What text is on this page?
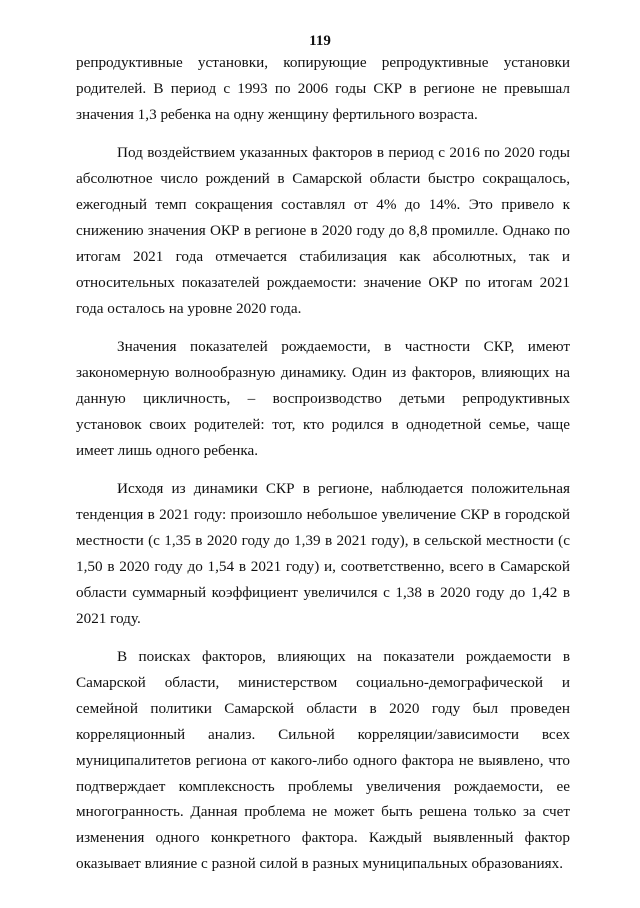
119

репродуктивные установки, копирующие репродуктивные установки родителей. В период с 1993 по 2006 годы СКР в регионе не превышал значения 1,3 ребенка на одну женщину фертильного возраста.

Под воздействием указанных факторов в период с 2016 по 2020 годы абсолютное число рождений в Самарской области быстро сокращалось, ежегодный темп сокращения составлял от 4% до 14%. Это привело к снижению значения ОКР в регионе в 2020 году до 8,8 промилле. Однако по итогам 2021 года отмечается стабилизация как абсолютных, так и относительных показателей рождаемости: значение ОКР по итогам 2021 года осталось на уровне 2020 года.

Значения показателей рождаемости, в частности СКР, имеют закономерную волнообразную динамику. Один из факторов, влияющих на данную цикличность, – воспроизводство детьми репродуктивных установок своих родителей: тот, кто родился в однодетной семье, чаще имеет лишь одного ребенка.

Исходя из динамики СКР в регионе, наблюдается положительная тенденция в 2021 году: произошло небольшое увеличение СКР в городской местности (с 1,35 в 2020 году до 1,39 в 2021 году), в сельской местности (с 1,50 в 2020 году до 1,54 в 2021 году) и, соответственно, всего в Самарской области суммарный коэффициент увеличился с 1,38 в 2020 году до 1,42 в 2021 году.

В поисках факторов, влияющих на показатели рождаемости в Самарской области, министерством социально-демографической и семейной политики Самарской области в 2020 году был проведен корреляционный анализ. Сильной корреляции/зависимости всех муниципалитетов региона от какого-либо одного фактора не выявлено, что подтверждает комплексность проблемы увеличения рождаемости, ее многогранность. Данная проблема не может быть решена только за счет изменения одного конкретного фактора. Каждый выявленный фактор оказывает влияние с разной силой в разных муниципальных образованиях.
